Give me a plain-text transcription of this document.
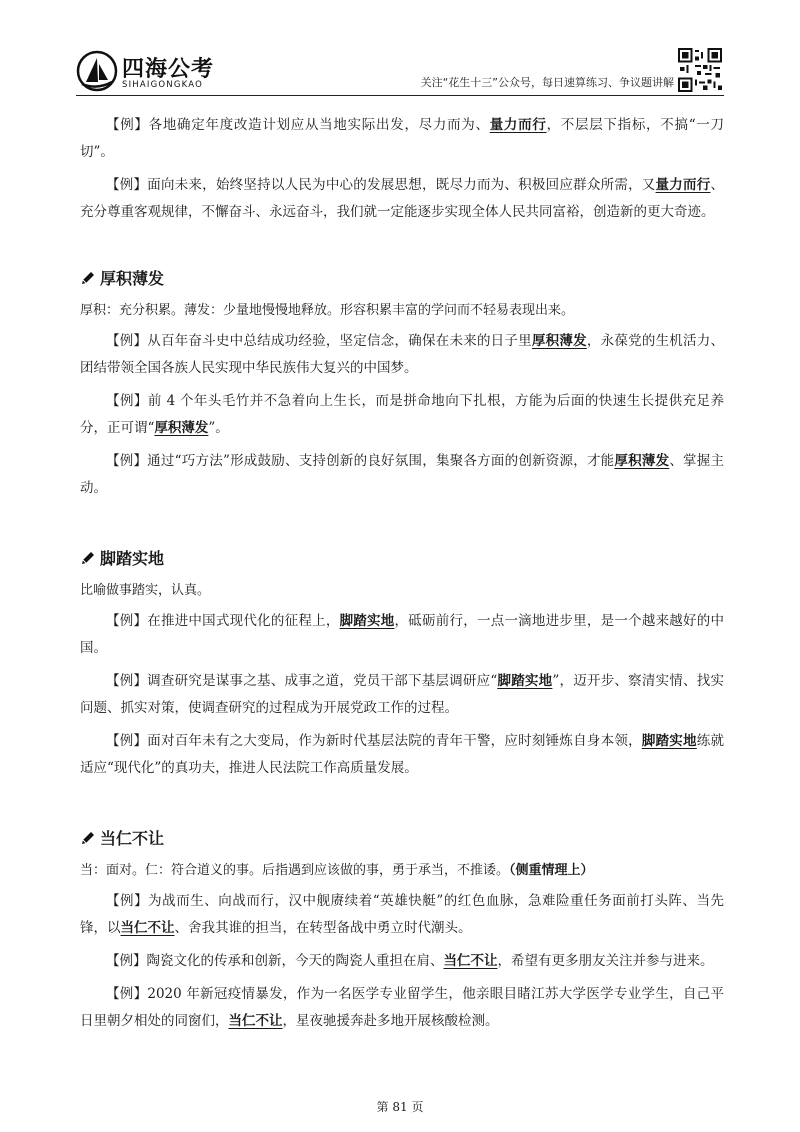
四海公考
SIHAIGONGKAO	关注“花生十三”公众号，每日速算练习、争议题讲解

【例】各地确定年度改造计划应从当地实际出发，尽力而为、量力而行，不层层下指标，不搞“一刀切”。

【例】面向未来，始终坚持以人民为中心的发展思想，既尽力而为、积极回应群众所需，又量力而行、充分尊重客观规律，不懈奋斗、永远奋斗，我们就一定能逐步实现全体人民共同富裕，创造新的更大奇迹。

厚积薄发

厚积：充分积累。薄发：少量地慢慢地释放。形容积累丰富的学问而不轻易表现出来。

【例】从百年奋斗史中总结成功经验，坚定信念，确保在未来的日子里厚积薄发，永葆党的生机活力、团结带领全国各族人民实现中华民族伟大复兴的中国梦。

【例】前 4 个年头毛竹并不急着向上生长，而是拼命地向下扎根，方能为后面的快速生长提供充足养分，正可谓“厚积薄发”。

【例】通过“巧方法”形成鼓励、支持创新的良好氛围，集聚各方面的创新资源，才能厚积薄发、掌握主动。

脚踏实地

比喻做事踏实，认真。

【例】在推进中国式现代化的征程上，脚踏实地，砥砺前行，一点一滴地进步里，是一个越来越好的中国。

【例】调查研究是谋事之基、成事之道，党员干部下基层调研应“脚踏实地”，迈开步、察清实情、找实问题、抓实对策，使调查研究的过程成为开展党政工作的过程。

【例】面对百年未有之大变局，作为新时代基层法院的青年干警，应时刻锤炼自身本领，脚踏实地练就适应“现代化”的真功夫，推进人民法院工作高质量发展。

当仁不让

当：面对。仁：符合道义的事。后指遇到应该做的事，勇于承当，不推诿。（侧重情理上）

【例】为战而生、向战而行，汉中舰赓续着“英雄快艇”的红色血脉，急难险重任务面前打头阵、当先锋，以当仁不让、舍我其谁的担当，在转型备战中勇立时代潮头。

【例】陶瓷文化的传承和创新，今天的陶瓷人重担在肩、当仁不让，希望有更多朋友关注并参与进来。

【例】2020 年新冠疫情暴发，作为一名医学专业留学生，他亲眼目睹江苏大学医学专业学生，自己平日里朝夕相处的同窗们，当仁不让，星夜驰援奔赴多地开展核酸检测。

第 81 页
